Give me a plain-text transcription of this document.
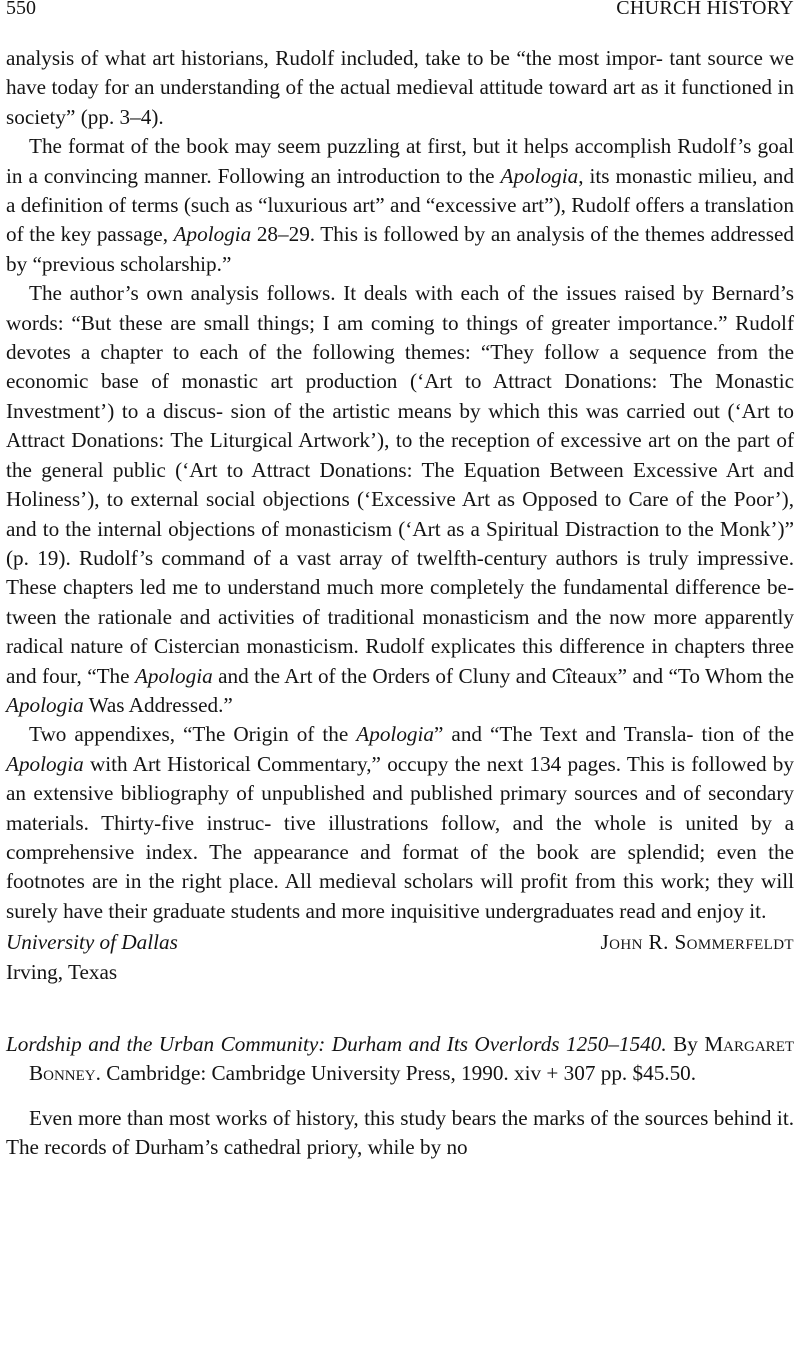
550	CHURCH HISTORY

analysis of what art historians, Rudolf included, take to be “the most impor- tant source we have today for an understanding of the actual medieval attitude toward art as it functioned in society” (pp. 3–4).

The format of the book may seem puzzling at first, but it helps accomplish Rudolf’s goal in a convincing manner. Following an introduction to the Apologia, its monastic milieu, and a definition of terms (such as “luxurious art” and “excessive art”), Rudolf offers a translation of the key passage, Apologia 28–29. This is followed by an analysis of the themes addressed by “previous scholarship.”

The author’s own analysis follows. It deals with each of the issues raised by Bernard’s words: “But these are small things; I am coming to things of greater importance.” Rudolf devotes a chapter to each of the following themes: “They follow a sequence from the economic base of monastic art production (‘Art to Attract Donations: The Monastic Investment’) to a discus- sion of the artistic means by which this was carried out (‘Art to Attract Donations: The Liturgical Artwork’), to the reception of excessive art on the part of the general public (‘Art to Attract Donations: The Equation Between Excessive Art and Holiness’), to external social objections (‘Excessive Art as Opposed to Care of the Poor’), and to the internal objections of monasticism (‘Art as a Spiritual Distraction to the Monk’)” (p. 19). Rudolf’s command of a vast array of twelfth-century authors is truly impressive. These chapters led me to understand much more completely the fundamental difference be- tween the rationale and activities of traditional monasticism and the now more apparently radical nature of Cistercian monasticism. Rudolf explicates this difference in chapters three and four, “The Apologia and the Art of the Orders of Cluny and Cîteaux” and “To Whom the Apologia Was Addressed.”

Two appendixes, “The Origin of the Apologia” and “The Text and Transla- tion of the Apologia with Art Historical Commentary,” occupy the next 134 pages. This is followed by an extensive bibliography of unpublished and published primary sources and of secondary materials. Thirty-five instruc- tive illustrations follow, and the whole is united by a comprehensive index. The appearance and format of the book are splendid; even the footnotes are in the right place. All medieval scholars will profit from this work; they will surely have their graduate students and more inquisitive undergraduates read and enjoy it.

University of Dallas	John R. Sommerfeldt
Irving, Texas
Lordship and the Urban Community: Durham and Its Overlords 1250–1540. By Margaret Bonney. Cambridge: Cambridge University Press, 1990. xiv + 307 pp. $45.50.

Even more than most works of history, this study bears the marks of the sources behind it. The records of Durham’s cathedral priory, while by no
